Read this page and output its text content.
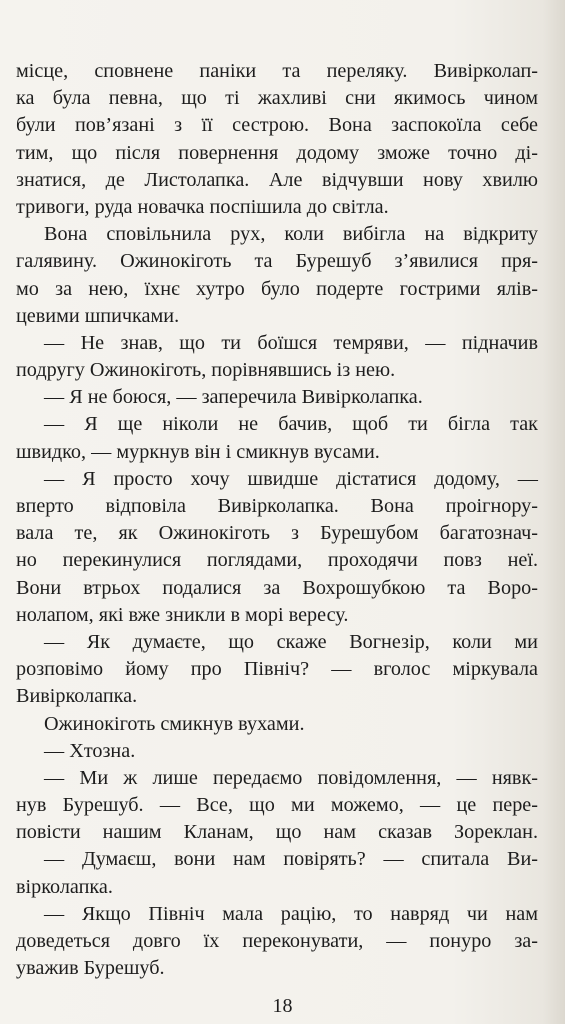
місце, сповнене паніки та переляку. Вивірколап-
ка була певна, що ті жахливі сни якимось чином
були пов’язані з її сестрою. Вона заспокоїла себе
тим, що після повернення додому зможе точно ді-
знатися, де Листолапка. Але відчувши нову хвилю
тривоги, руда новачка поспішила до світла.
Вона сповільнила рух, коли вибігла на відкриту
галявину. Ожинокіготь та Бурешуб з’явилися пря-
мо за нею, їхнє хутро було подерте гострими ялів-
цевими шпичками.
— Не знав, що ти боїшся темряви, — підначив
подругу Ожинокіготь, порівнявшись із нею.
— Я не боюся, — заперечила Вивірколапка.
— Я ще ніколи не бачив, щоб ти бігла так
швидко, — муркнув він і смикнув вусами.
— Я просто хочу швидше дістатися додому, —
вперто відповіла Вивірколапка. Вона проігнору-
вала те, як Ожинокіготь з Бурешубом багатознач-
но перекинулися поглядами, проходячи повз неї.
Вони втрьох подалися за Вохрошубкою та Воро-
нолапом, які вже зникли в морі вересу.
— Як думаєте, що скаже Вогнезір, коли ми
розповімо йому про Північ? — вголос міркувала
Вивірколапка.
Ожинокіготь смикнув вухами.
— Хтозна.
— Ми ж лише передаємо повідомлення, — нявк-
нув Бурешуб. — Все, що ми можемо, — це пере-
повісти нашим Кланам, що нам сказав Зореклан.
— Думаєш, вони нам повірять? — спитала Ви-
вірколапка.
— Якщо Північ мала рацію, то навряд чи нам
доведеться довго їх переконувати, — понуро за-
уважив Бурешуб.
18
